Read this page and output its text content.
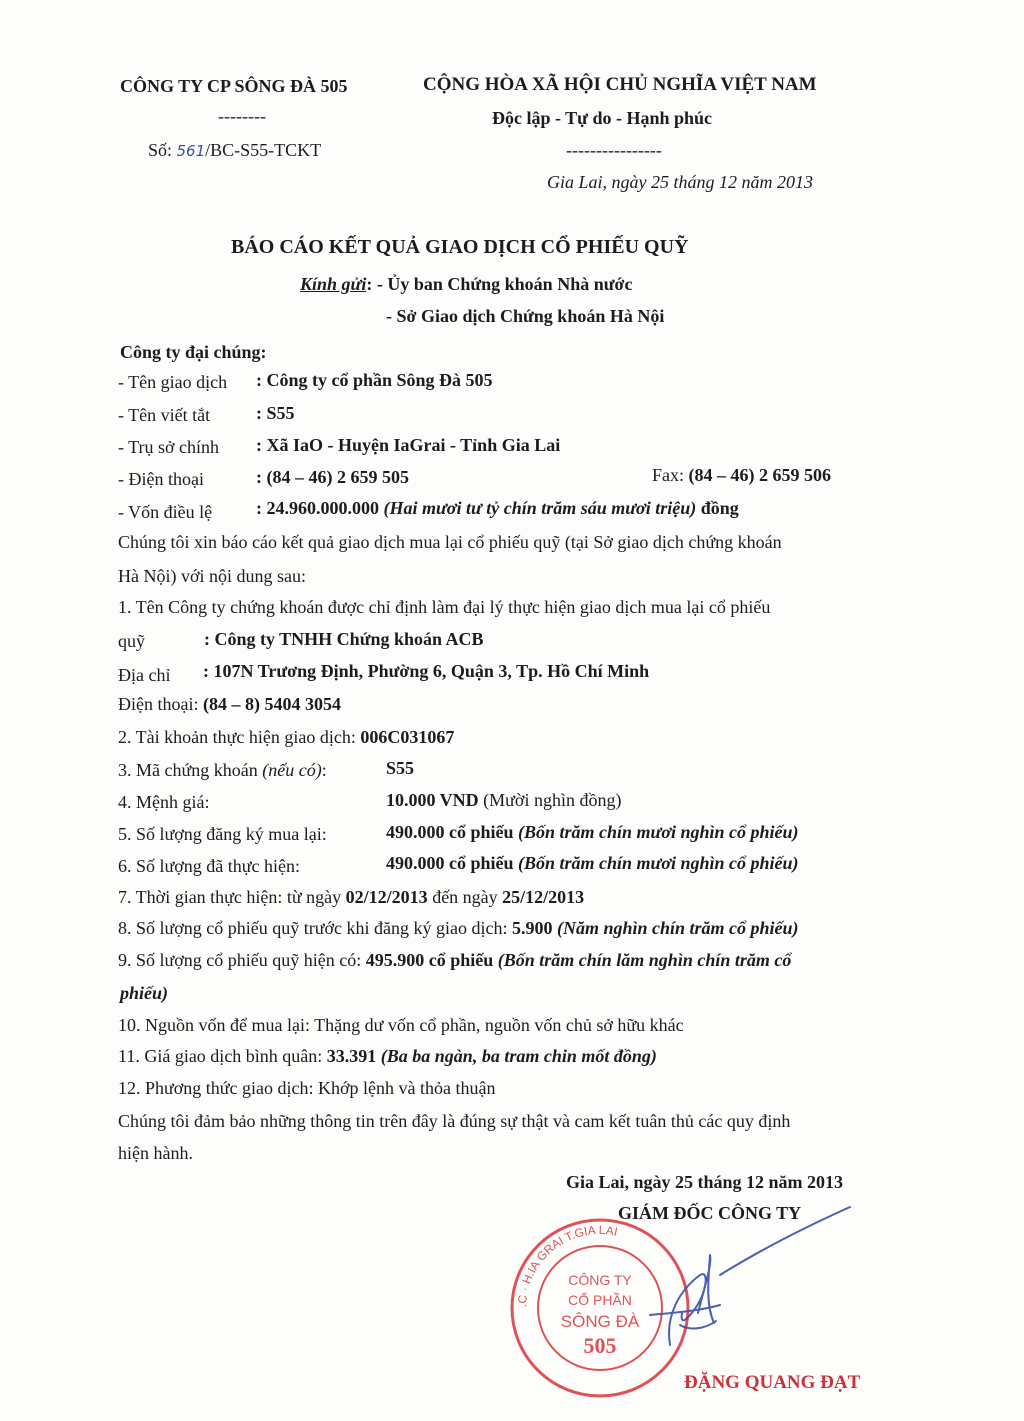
CÔNG TY CP SÔNG ĐÀ 505
--------
Số: 561/BC-S55-TCKT
CỘNG HÒA XÃ HỘI CHỦ NGHĨA VIỆT NAM
Độc lập - Tự do - Hạnh phúc
----------------
Gia Lai, ngày 25 tháng 12 năm 2013
BÁO CÁO KẾT QUẢ GIAO DỊCH CỔ PHIẾU QUỸ
Kính gửi: - Ủy ban Chứng khoán Nhà nước
- Sở Giao dịch Chứng khoán Hà Nội
Công ty đại chúng:
- Tên giao dịch : Công ty cổ phần Sông Đà 505
- Tên viết tắt	: S55
- Trụ sở chính : Xã IaO - Huyện IaGrai - Tỉnh Gia Lai
- Điện thoại	: (84 – 46) 2 659 505	Fax: (84 – 46) 2 659 506
- Vốn điều lệ : 24.960.000.000 (Hai mươi tư tỷ chín trăm sáu mươi triệu) đồng
Chúng tôi xin báo cáo kết quả giao dịch mua lại cổ phiếu quỹ (tại Sở giao dịch chứng khoán
Hà Nội) với nội dung sau:
1. Tên Công ty chứng khoán được chỉ định làm đại lý thực hiện giao dịch mua lại cổ phiếu
quỹ	: Công ty TNHH Chứng khoán ACB
Địa chỉ : 107N Trương Định, Phường 6, Quận 3, Tp. Hồ Chí Minh
Điện thoại: (84 – 8) 5404 3054
2. Tài khoản thực hiện giao dịch: 006C031067
3. Mã chứng khoán (nếu có):	S55
4. Mệnh giá:	10.000 VND (Mười nghìn đồng)
5. Số lượng đăng ký mua lại:	490.000 cổ phiếu (Bốn trăm chín mươi nghìn cổ phiếu)
6. Số lượng đã thực hiện:	490.000 cổ phiếu (Bốn trăm chín mươi nghìn cổ phiếu)
7. Thời gian thực hiện: từ ngày 02/12/2013 đến ngày 25/12/2013
8. Số lượng cổ phiếu quỹ trước khi đăng ký giao dịch: 5.900 (Năm nghìn chín trăm cổ phiếu)
9. Số lượng cổ phiếu quỹ hiện có: 495.900 cổ phiếu (Bốn trăm chín lăm nghìn chín trăm cổ
phiếu)
10. Nguồn vốn để mua lại: Thặng dư vốn cổ phần, nguồn vốn chủ sở hữu khác
11. Giá giao dịch bình quân: 33.391 (Ba ba ngàn, ba tram chin mốt đồng)
12. Phương thức giao dịch: Khớp lệnh và thỏa thuận
Chúng tôi đảm bảo những thông tin trên đây là đúng sự thật và cam kết tuân thủ các quy định
hiện hành.
Gia Lai, ngày 25 tháng 12 năm 2013
GIÁM ĐỐC CÔNG TY
.C · H.IA GRAI T.GIA LAI
CÔNG TY
CỔ PHẦN
SÔNG ĐÀ
505
ĐẶNG QUANG ĐẠT
